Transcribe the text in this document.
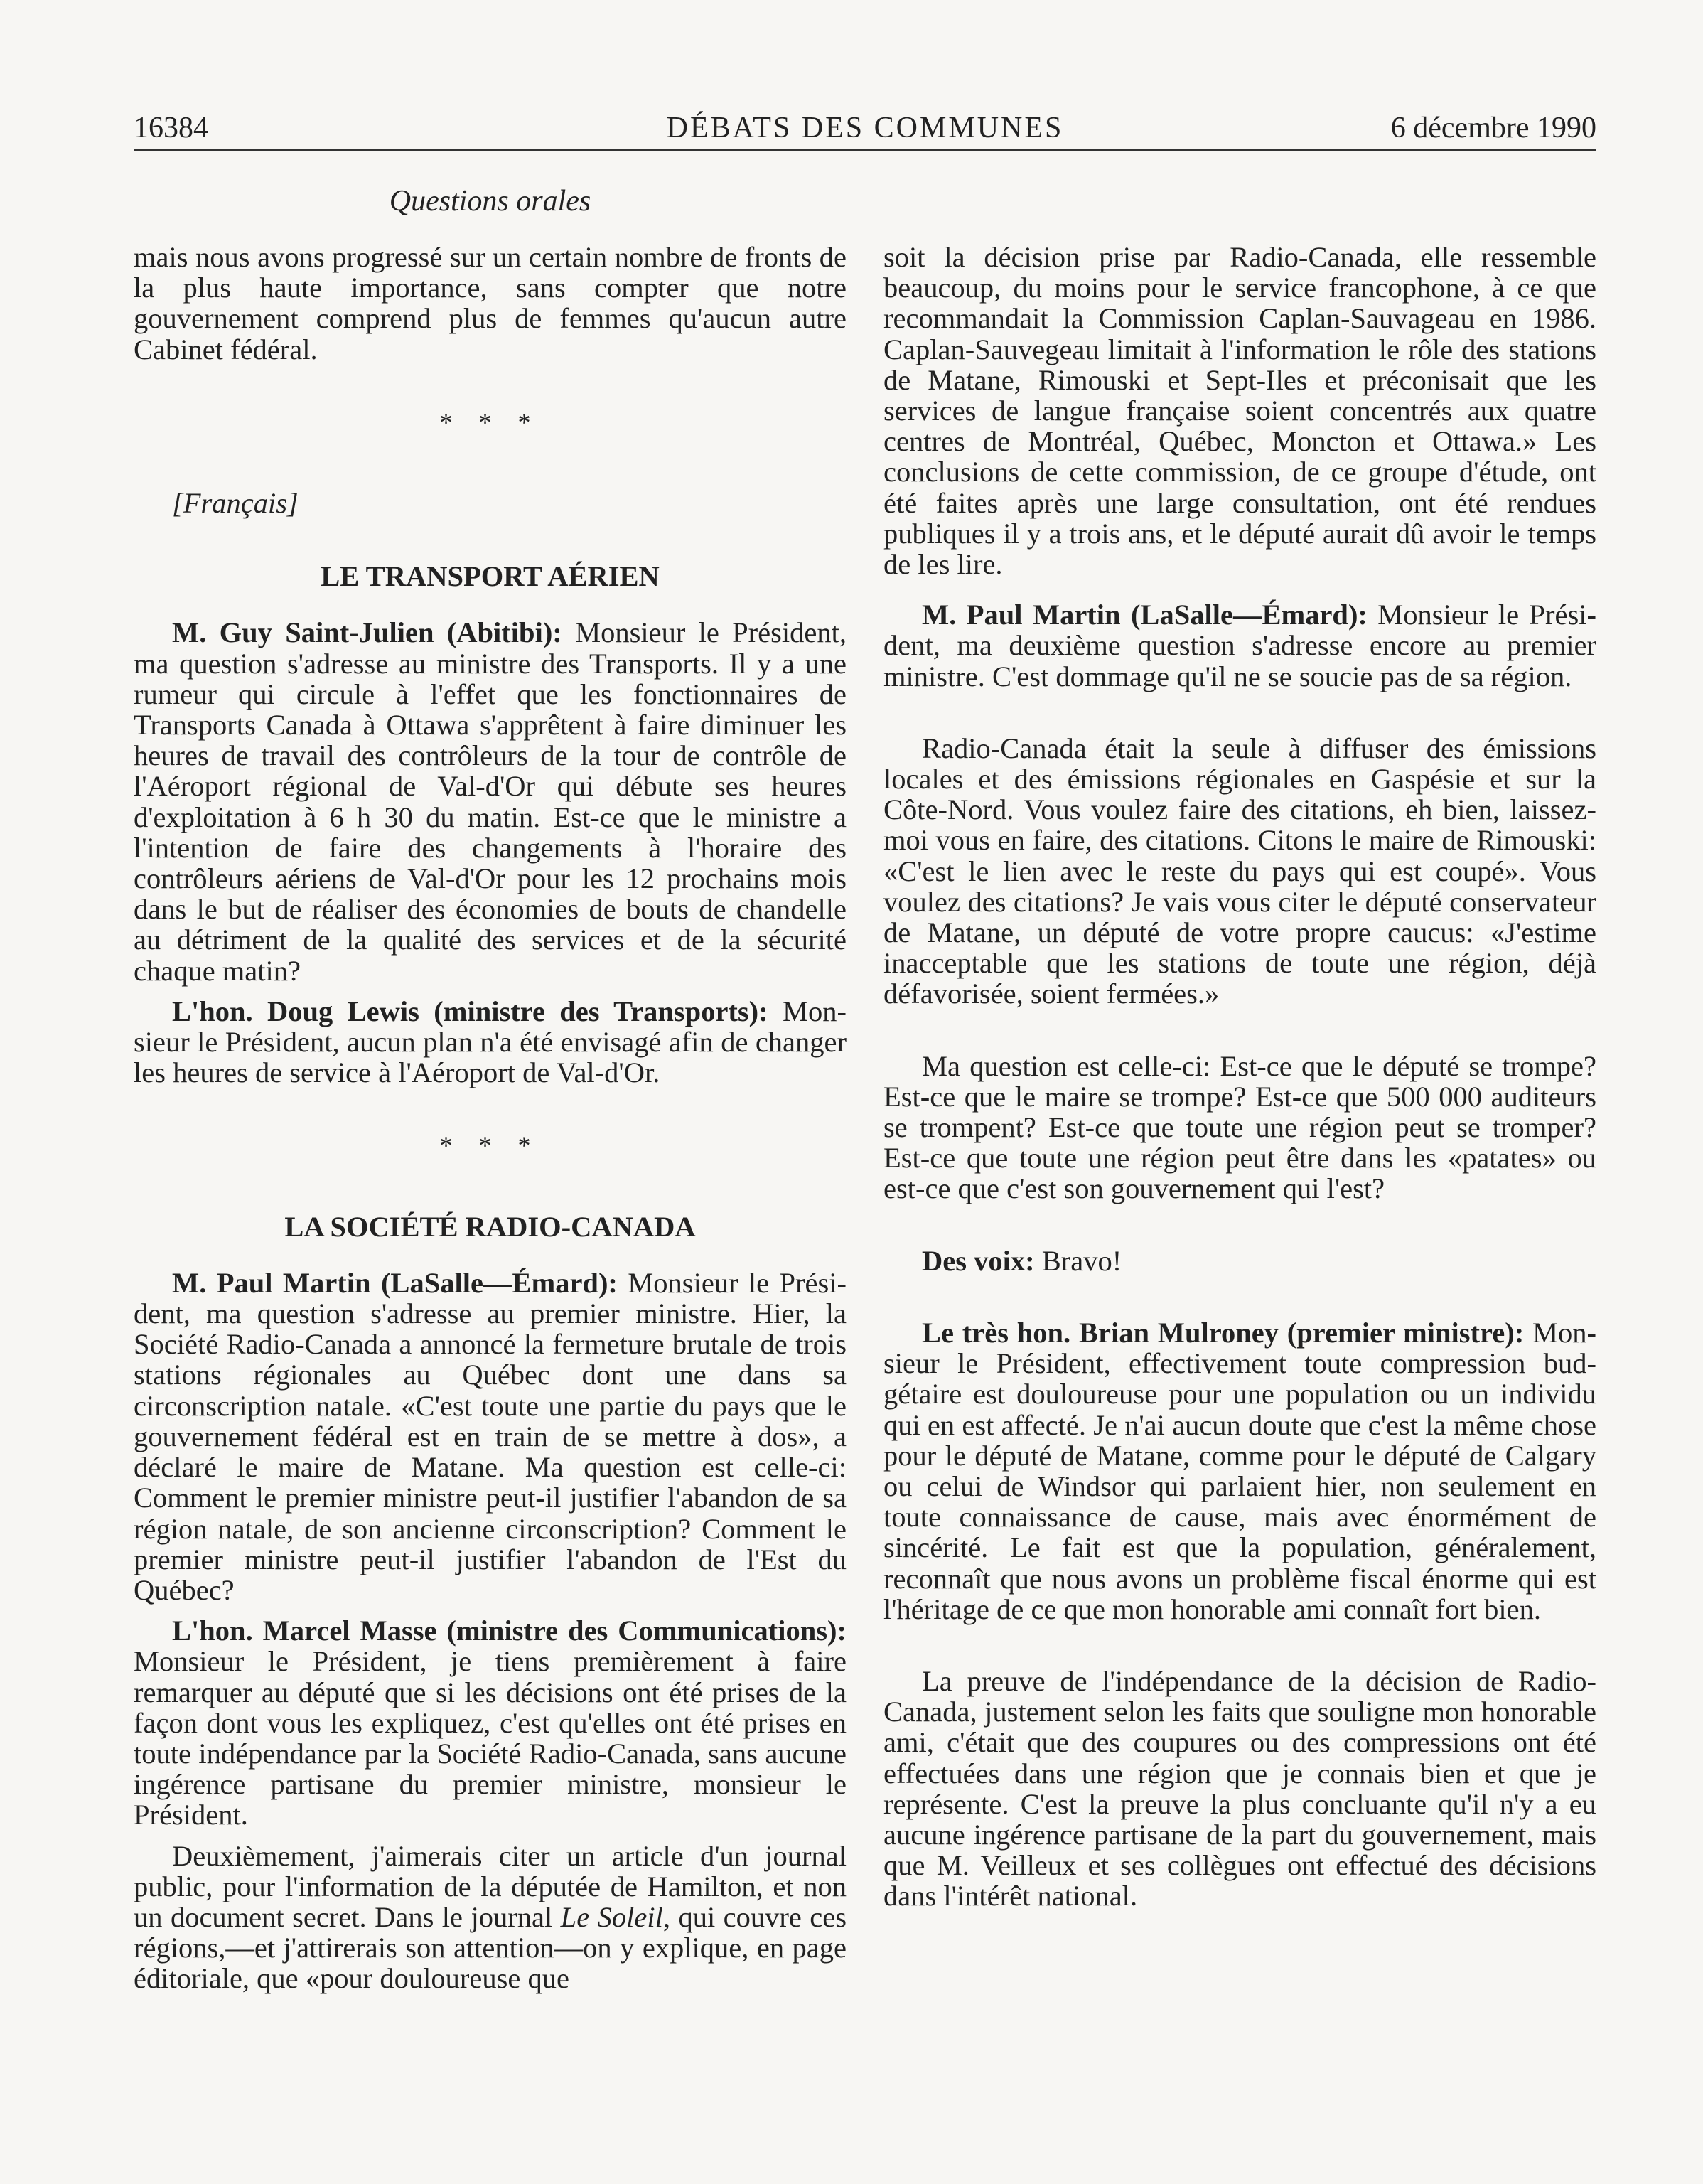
16384	DÉBATS DES COMMUNES	6 décembre 1990
Questions orales

mais nous avons progressé sur un certain nombre de fronts de la plus haute importance, sans compter que notre gouvernement comprend plus de femmes qu'aucun autre Cabinet fédéral.

* * *

[Français]

LE TRANSPORT AÉRIEN

M. Guy Saint-Julien (Abitibi): Monsieur le Président, ma question s'adresse au ministre des Transports. Il y a une rumeur qui circule à l'effet que les fonctionnaires de Transports Canada à Ottawa s'apprêtent à faire diminuer les heures de travail des contrôleurs de la tour de contrôle de l'Aéroport régional de Val-d'Or qui débute ses heures d'exploitation à 6 h 30 du matin. Est-ce que le ministre a l'intention de faire des changements à l'horaire des contrôleurs aériens de Val-d'Or pour les 12 prochains mois dans le but de réaliser des économies de bouts de chandelle au détriment de la qualité des services et de la sécurité chaque matin?

L'hon. Doug Lewis (ministre des Transports): Monsieur le Président, aucun plan n'a été envisagé afin de changer les heures de service à l'Aéroport de Val-d'Or.

* * *
LA SOCIÉTÉ RADIO-CANADA

M. Paul Martin (LaSalle—Émard): Monsieur le Président, ma question s'adresse au premier ministre. Hier, la Société Radio-Canada a annoncé la fermeture brutale de trois stations régionales au Québec dont une dans sa circonscription natale. «C'est toute une partie du pays que le gouvernement fédéral est en train de se mettre à dos», a déclaré le maire de Matane. Ma question est celle-ci: Comment le premier ministre peut-il justifier l'abandon de sa région natale, de son ancienne circonscription? Comment le premier ministre peut-il justifier l'abandon de l'Est du Québec?

L'hon. Marcel Masse (ministre des Communications): Monsieur le Président, je tiens premièrement à faire remarquer au député que si les décisions ont été prises de la façon dont vous les expliquez, c'est qu'elles ont été prises en toute indépendance par la Société Radio-Canada, sans aucune ingérence partisane du premier ministre, monsieur le Président.

Deuxièmement, j'aimerais citer un article d'un journal public, pour l'information de la députée de Hamilton, et non un document secret. Dans le journal Le Soleil, qui couvre ces régions,—et j'attirerais son attention—on y explique, en page éditoriale, que «pour douloureuse que

soit la décision prise par Radio-Canada, elle ressemble beaucoup, du moins pour le service francophone, à ce que recommandait la Commission Caplan-Sauvageau en 1986. Caplan-Sauvegeau limitait à l'information le rôle des stations de Matane, Rimouski et Sept-Iles et préconisait que les services de langue française soient concentrés aux quatre centres de Montréal, Québec, Moncton et Ottawa.» Les conclusions de cette commission, de ce groupe d'étude, ont été faites après une large consultation, ont été rendues publiques il y a trois ans, et le député aurait dû avoir le temps de les lire.

M. Paul Martin (LaSalle—Émard): Monsieur le Président, ma deuxième question s'adresse encore au premier ministre. C'est dommage qu'il ne se soucie pas de sa région.

Radio-Canada était la seule à diffuser des émissions locales et des émissions régionales en Gaspésie et sur la Côte-Nord. Vous voulez faire des citations, eh bien, laissez-moi vous en faire, des citations. Citons le maire de Rimouski: «C'est le lien avec le reste du pays qui est coupé». Vous voulez des citations? Je vais vous citer le député conservateur de Matane, un député de votre propre caucus: «J'estime inacceptable que les stations de toute une région, déjà défavorisée, soient fermées.»

Ma question est celle-ci: Est-ce que le député se trompe? Est-ce que le maire se trompe? Est-ce que 500 000 auditeurs se trompent? Est-ce que toute une région peut se tromper? Est-ce que toute une région peut être dans les «patates» ou est-ce que c'est son gouvernement qui l'est?

Des voix: Bravo!

Le très hon. Brian Mulroney (premier ministre): Monsieur le Président, effectivement toute compression budgétaire est douloureuse pour une population ou un individu qui en est affecté. Je n'ai aucun doute que c'est la même chose pour le député de Matane, comme pour le député de Calgary ou celui de Windsor qui parlaient hier, non seulement en toute connaissance de cause, mais avec énormément de sincérité. Le fait est que la population, généralement, reconnaît que nous avons un problème fiscal énorme qui est l'héritage de ce que mon honorable ami connaît fort bien.

La preuve de l'indépendance de la décision de Radio-Canada, justement selon les faits que souligne mon honorable ami, c'était que des coupures ou des compressions ont été effectuées dans une région que je connais bien et que je représente. C'est la preuve la plus concluante qu'il n'y a eu aucune ingérence partisane de la part du gouvernement, mais que M. Veilleux et ses collègues ont effectué des décisions dans l'intérêt national.
